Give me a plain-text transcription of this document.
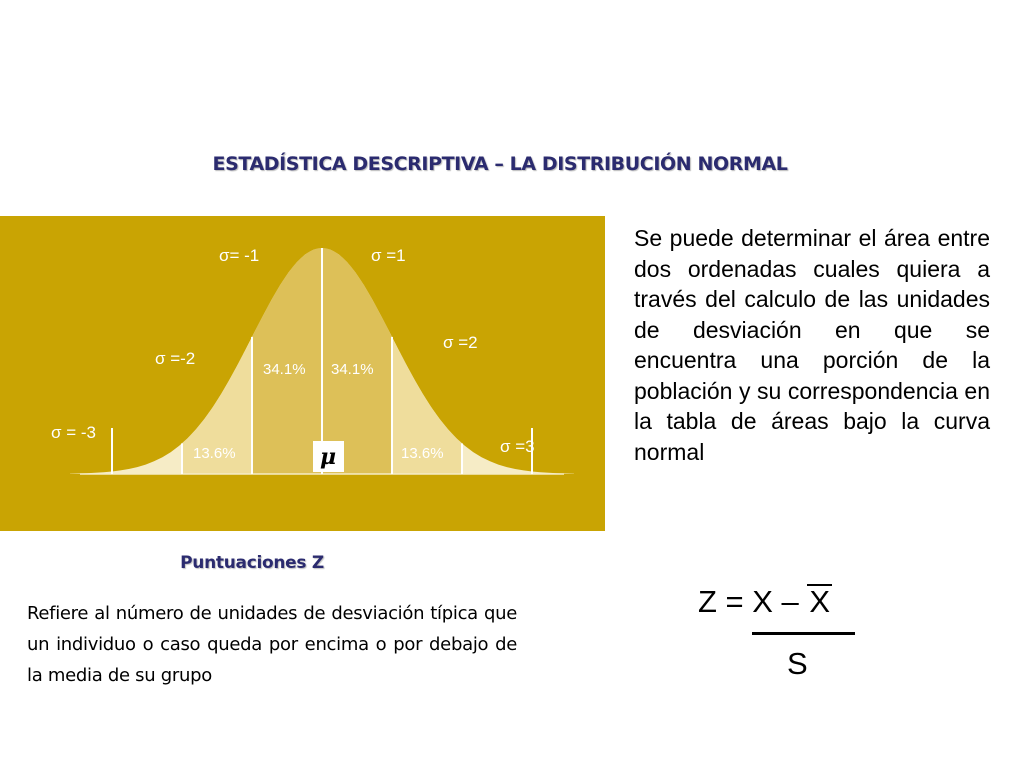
ESTADÍSTICA DESCRIPTIVA – LA DISTRIBUCIÓN NORMAL
σ = -3
σ =-2
σ= -1	σ =1
σ =2
σ =3
13.6%
34.1% 34.1%
13.6%
μ
Se puede determinar el área entre dos ordenadas cuales quiera a través del calculo de las unidades de desviación en que se encuentra una porción de la población y su correspondencia en la tabla de áreas bajo la curva normal
Puntuaciones Z
Refiere al número de unidades de desviación típica que un individuo o caso queda por encima o por debajo de la media de su grupo
Z = X – X
S
